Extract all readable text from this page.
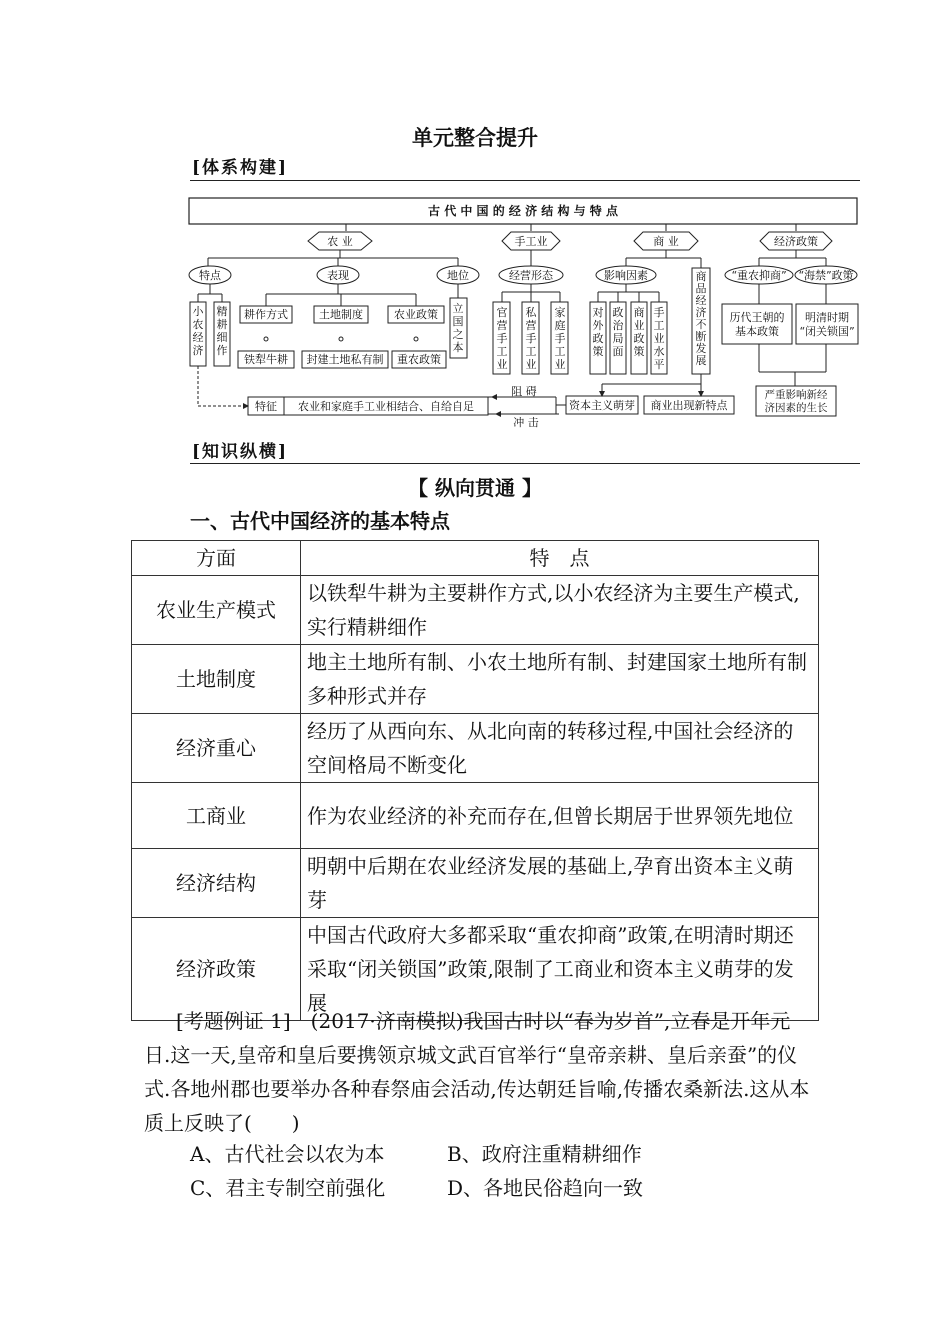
单元整合提升
[体系构建]
古 代 中 国 的 经 济 结 构 与 特 点
农 业	手工业	商 业	经济政策
特点	表现	地位
小农经济
精耕细作
耕作方式	土地制度	农业政策
铁犁牛耕 封建土地私有制 重农政策
立国之本
经营形态
官营手工业
私营手工业
家庭手工业
影响因素
对外政策
政治局面
商业政策
手工业水平
商品经济不断发展
“重农抑商” “海禁”政策
历代王朝的基本政策
明清时期“闭关锁国”
严重影响新经
济因素的生长
特征 农业和家庭手工业相结合、自给自足
阻 碍
冲 击
资本主义萌芽 商业出现新特点
[知识纵横]
【 纵向贯通 】
一、古代中国经济的基本特点
方面	特　点
农业生产模式	以铁犁牛耕为主要耕作方式,以小农经济为主要生产模式,实行精耕细作
土地制度	地主土地所有制、小农土地所有制、封建国家土地所有制多种形式并存
经济重心	经历了从西向东、从北向南的转移过程,中国社会经济的空间格局不断变化
工商业	作为农业经济的补充而存在,但曾长期居于世界领先地位
经济结构	明朝中后期在农业经济发展的基础上,孕育出资本主义萌芽
经济政策	中国古代政府大多都采取“重农抑商”政策,在明清时期还采取“闭关锁国”政策,限制了工商业和资本主义萌芽的发展
[考题例证 1]　(2017·济南模拟)我国古时以“春为岁首”,立春是开年元日.这一天,皇帝和皇后要携领京城文武百官举行“皇帝亲耕、皇后亲蚕”的仪式.各地州郡也要举办各种春祭庙会活动,传达朝廷旨喻,传播农桑新法.这从本质上反映了(　　)
A、古代社会以农为本	B、政府注重精耕细作
C、君主专制空前强化	D、各地民俗趋向一致
